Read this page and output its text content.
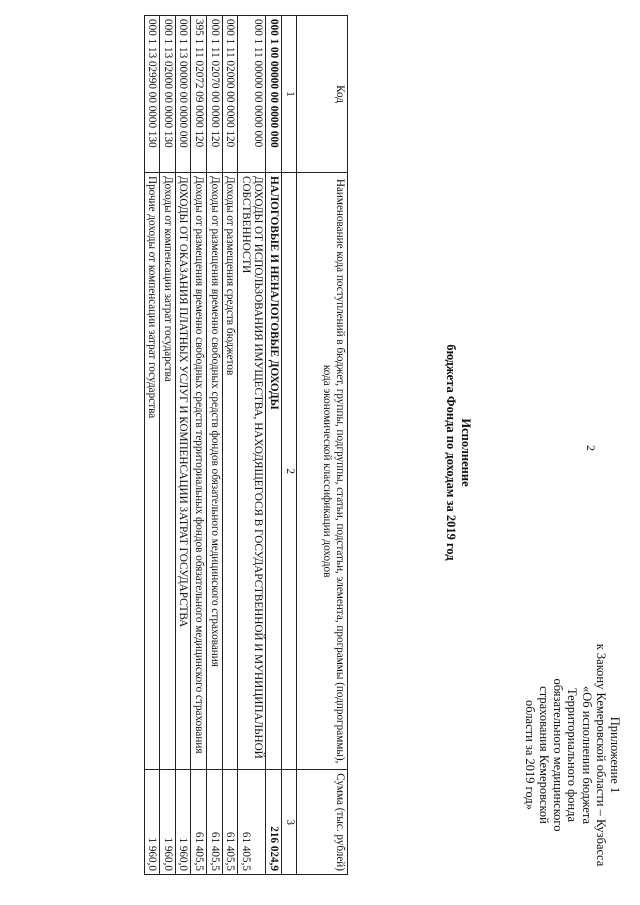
2
Приложение 1
к Закону Кемеровской области – Кузбасса
«Об исполнении бюджета
Территориального фонда
обязательного медицинского
страхования Кемеровской
области за 2019 год»
Исполнение
бюджета Фонда по доходам за 2019 год
Код	Наименование кода поступлений в бюджет, группы, подгруппы, статьи, подстатьи, элемента, программы (подпрограммы), кода экономической классификации доходов	Сумма (тыс. рублей)
1	2	3
000 1 00 00000 00 0000 000	НАЛОГОВЫЕ И НЕНАЛОГОВЫЕ ДОХОДЫ	216 024,9
000 1 11 00000 00 0000 000	ДОХОДЫ ОТ ИСПОЛЬЗОВАНИЯ ИМУЩЕСТВА, НАХОДЯЩЕГОСЯ В ГОСУДАРСТВЕННОЙ И МУНИЦИПАЛЬНОЙ СОБСТВЕННОСТИ	61 405,5
000 1 11 02000 00 0000 120	Доходы от размещения средств бюджетов	61 405,5
000 1 11 02070 00 0000 120	Доходы от размещения временно свободных средств фондов обязательного медицинского страхования	61 405,5
395 1 11 02072 09 0000 120	Доходы от размещения временно свободных средств территориальных фондов обязательного медицинского страхования	61 405,5
000 1 13 00000 00 0000 000	ДОХОДЫ ОТ ОКАЗАНИЯ ПЛАТНЫХ УСЛУГ И КОМПЕНСАЦИИ ЗАТРАТ ГОСУДАРСТВА	1 960,0
000 1 13 02000 00 0000 130	Доходы от компенсации затрат государства	1 960,0
000 1 13 02990 00 0000 130	Прочие доходы от компенсации затрат государства	1 960,0
